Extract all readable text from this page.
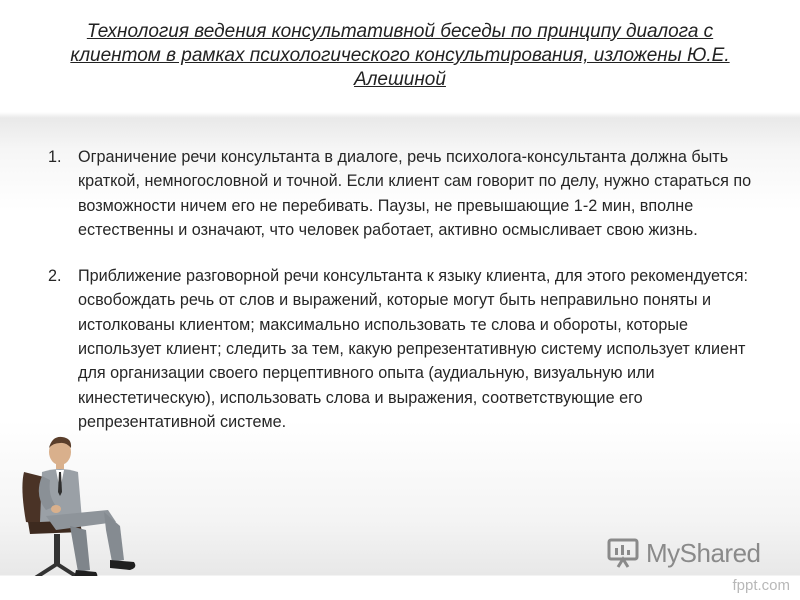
Технология ведения консультативной беседы по принципу диалога с клиентом в рамках психологического консультирования, изложены Ю.Е. Алешиной
1. Ограничение речи консультанта в диалоге, речь психолога-консультанта должна быть краткой, немногословной и точной. Если клиент сам говорит по делу, нужно стараться по возможности ничем его не перебивать. Паузы, не превышающие 1-2 мин, вполне естественны и означают, что человек работает, активно осмысливает свою жизнь.
2. Приближение разговорной речи консультанта к языку клиента, для этого рекомендуется: освобождать речь от слов и выражений, которые могут быть неправильно поняты и истолкованы клиентом; максимально использовать те слова и обороты, которые использует клиент; следить за тем, какую репрезентативную систему использует клиент для организации своего перцептивного опыта (аудиальную, визуальную или кинестетическую), использовать слова и выражения, соответствующие его репрезентативной системе.
MyShared
fppt.com
